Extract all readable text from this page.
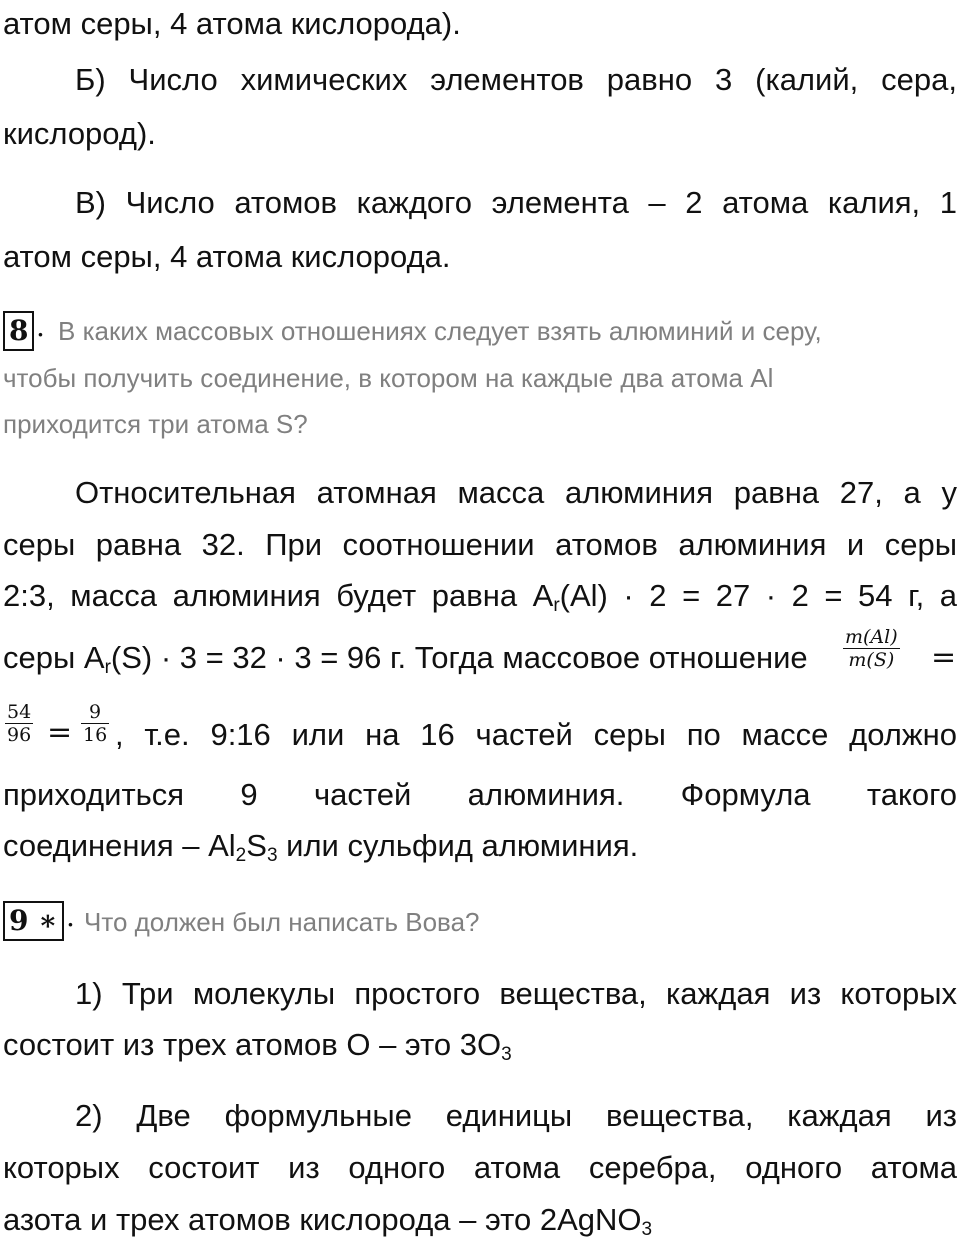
атом серы, 4 атома кислорода).
Б) Число химических элементов равно 3 (калий, сера,
кислород).
В) Число атомов каждого элемента – 2 атома калия, 1
атом серы, 4 атома кислорода.
8 . В каких массовых отношениях следует взять алюминий и серу,
чтобы получить соединение, в котором на каждые два атома Al
приходится три атома S?
Относительная атомная масса алюминия равна 27, а у
серы равна 32. При соотношении атомов алюминия и серы
2:3, масса алюминия будет равна $A_r(Al) \cdot 2 = 27 \cdot 2 = 54$ г, а
серы $A_r(S) \cdot 3 = 32 \cdot 3 = 96$ г. Тогда массовое отношение $\frac{m(Al)}{m(S)}$ =
$\frac{54}{96} = \frac{9}{16}$ , т.е. 9:16 или на 16 частей серы по массе должно
приходиться 9 частей алюминия. Формула такого
соединения – $Al_2S_3$ или сульфид алюминия.
9 ∗ . Что должен был написать Вова?
1) Три молекулы простого вещества, каждая из которых
состоит из трех атомов О – это $3O_3$
2) Две формульные единицы вещества, каждая из
которых состоит из одного атома серебра, одного атома
азота и трех атомов кислорода – это 2AgNO$_3$
